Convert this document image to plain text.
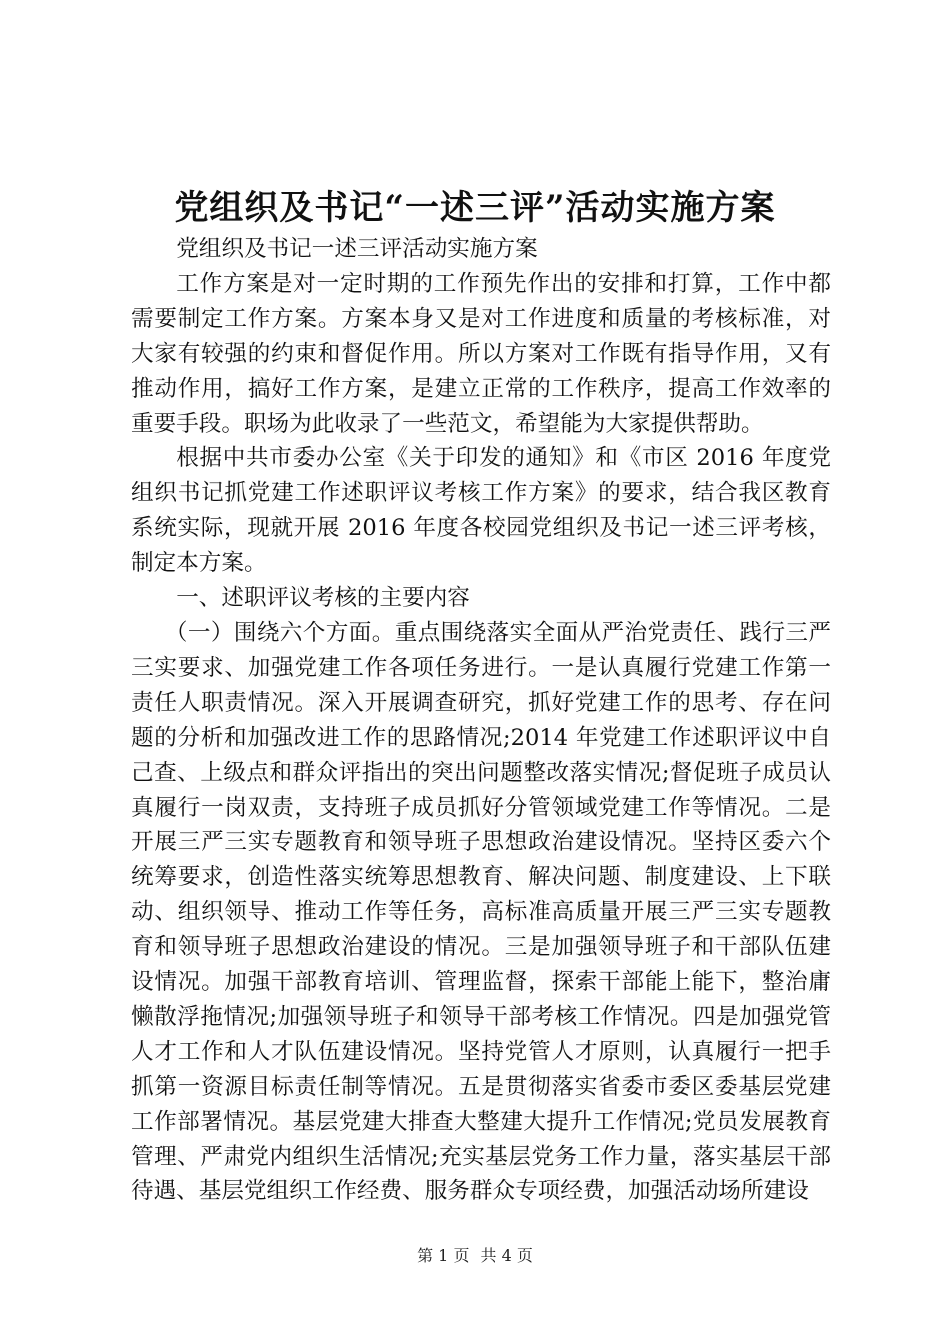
党组织及书记“一述三评”活动实施方案

党组织及书记一述三评活动实施方案

工作方案是对一定时期的工作预先作出的安排和打算，工作中都需要制定工作方案。方案本身又是对工作进度和质量的考核标准，对大家有较强的约束和督促作用。所以方案对工作既有指导作用，又有推动作用，搞好工作方案，是建立正常的工作秩序，提高工作效率的重要手段。职场为此收录了一些范文，希望能为大家提供帮助。

根据中共市委办公室《关于印发的通知》和《市区 2016 年度党组织书记抓党建工作述职评议考核工作方案》的要求，结合我区教育系统实际，现就开展 2016 年度各校园党组织及书记一述三评考核，制定本方案。

一、述职评议考核的主要内容

（一）围绕六个方面。重点围绕落实全面从严治党责任、践行三严三实要求、加强党建工作各项任务进行。一是认真履行党建工作第一责任人职责情况。深入开展调查研究，抓好党建工作的思考、存在问题的分析和加强改进工作的思路情况;2014 年党建工作述职评议中自己查、上级点和群众评指出的突出问题整改落实情况;督促班子成员认真履行一岗双责，支持班子成员抓好分管领域党建工作等情况。二是开展三严三实专题教育和领导班子思想政治建设情况。坚持区委六个统筹要求，创造性落实统筹思想教育、解决问题、制度建设、上下联动、组织领导、推动工作等任务，高标准高质量开展三严三实专题教育和领导班子思想政治建设的情况。三是加强领导班子和干部队伍建设情况。加强干部教育培训、管理监督，探索干部能上能下，整治庸懒散浮拖情况;加强领导班子和领导干部考核工作情况。四是加强党管人才工作和人才队伍建设情况。坚持党管人才原则，认真履行一把手抓第一资源目标责任制等情况。五是贯彻落实省委市委区委基层党建工作部署情况。基层党建大排查大整建大提升工作情况;党员发展教育管理、严肃党内组织生活情况;充实基层党务工作力量，落实基层干部待遇、基层党组织工作经费、服务群众专项经费，加强活动场所建设

第 1 页 共 4 页
